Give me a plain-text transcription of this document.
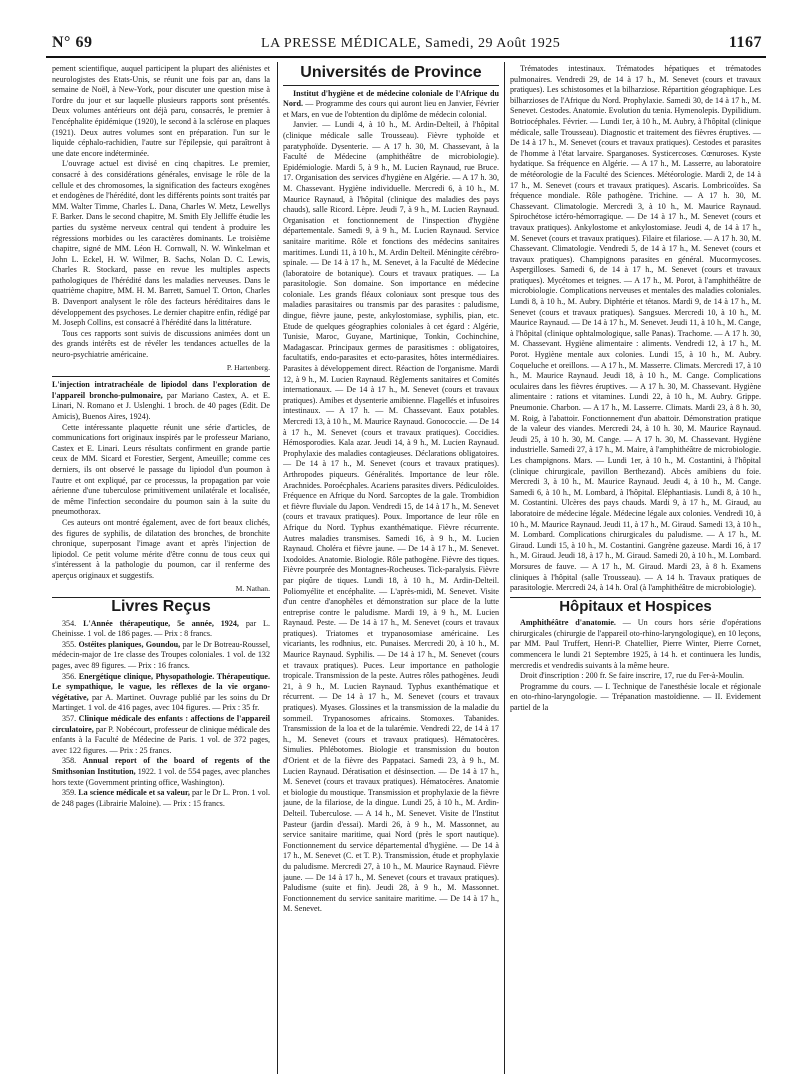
N° 69	LA PRESSE MÉDICALE, Samedi, 29 Août 1925	1167

pement scientifique, auquel participent la plupart des aliénistes et neurologistes des Etats-Unis, se réunit une fois par an, dans la semaine de Noël, à New-York, pour discuter une question mise à l'ordre du jour et sur laquelle plusieurs rapports sont présentés. Deux volumes antérieurs ont déjà paru, consacrés, le premier à l'encéphalite épidémique (1920), le second à la sclérose en plaques (1921). Deux autres volumes sont en préparation. l'un sur le liquide céphalo-rachidien, l'autre sur l'épilepsie, qui paraîtront à une date encore indéterminée.

L'ouvrage actuel est divisé en cinq chapitres. Le premier, consacré à des considérations générales, envisage le rôle de la cellule et des chromosomes, la signification des facteurs exogènes et endogènes de l'hérédité, dont les différents points sont traités par MM. Walter Timme, Charles L. Dana, Charles W. Metz, Lewellys F. Barker. Dans le second chapitre, M. Smith Ely Jelliffe étudie les parties du système nerveux central qui tendent à produire les régressions morbides ou les caractères dominants. Le troisième chapitre, signé de MM. Léon H. Cornwall, N. W. Winkelman et John L. Eckel, H. W. Wilmer, B. Sachs, Nolan D. C. Lewis, Charles R. Stockard, passe en revue les multiples aspects pathologiques de l'hérédité dans les maladies nerveuses. Dans le quatrième chapitre, MM. H. M. Barrett, Samuel T. Orton, Charles B. Davenport analysent le rôle des facteurs héréditaires dans le développement des psychoses. Le dernier chapitre enfin, rédigé par M. Joseph Collins, est consacré à l'hérédité dans la littérature.

Tous ces rapports sont suivis de discussions animées dont un des grands intérêts est de révéler les tendances actuelles de la neuro-psychiatrie américaine.

P. Hartenberg.

L'injection intratrachéale de lipiodol dans l'exploration de l'appareil broncho-pulmonaire, par Mariano Castex, A. et E. Linari, N. Romano et J. Uslenghi. 1 broch. de 40 pages (Edit. De Amicis), Buenos Aires, 1924).

Cette intéressante plaquette réunit une série d'articles, de communications fort originaux inspirés par le professeur Mariano, Castex et E. Linari. Leurs résultats confirment en grande partie ceux de MM. Sicard et Forestier, Sergent, Ameuille; comme ces derniers, ils ont observé le passage du lipiodol d'un poumon à l'autre et ont expliqué, par ce processus, la propagation par voie aérienne d'une tuberculose primitivement unilatérale et localisée, de même l'infection secondaire du poumon sain à la suite du pneumothorax.

Ces auteurs ont montré également, avec de fort beaux clichés, des figures de syphilis, de dilatation des bronches, de bronchite chronique, superposant l'image avant et après l'injection de lipiodol. Ce petit volume mérite d'être connu de tous ceux qui s'intéressent à la pathologie du poumon, car il renferme des aperçus originaux et suggestifs.

M. Nathan.

Livres Reçus

354. L'Année thérapeutique, 5e année, 1924, par L. Cheinisse. 1 vol. de 186 pages. — Prix : 8 francs.

355. Ostéites planiques, Goundou, par le Dr Botreau-Roussel, médecin-major de 1re classe des Troupes coloniales. 1 vol. de 132 pages, avec 89 figures. — Prix : 16 francs.

356. Energétique clinique, Physopathologie. Thérapeutique. Le sympathique, le vague, les réflexes de la vie organo-végétative, par A. Martinet. Ouvrage publié par les soins du Dr Martinget. 1 vol. de 416 pages, avec 104 figures. — Prix : 35 fr.

357. Clinique médicale des enfants : affections de l'appareil circulatoire, par P. Nobécourt, professeur de clinique médicale des enfants à la Faculté de Médecine de Paris. 1 vol. de 372 pages, avec 122 figures. — Prix : 25 francs.

358. Annual report of the board of regents of the Smithsonian Institution, 1922. 1 vol. de 554 pages, avec planches hors texte (Government printing office, Washington).

359. La science médicale et sa valeur, par le Dr L. Pron. 1 vol. de 248 pages (Librairie Maloine). — Prix : 15 francs.

Universités de Province

Institut d'hygiène et de médecine coloniale de l'Afrique du Nord. — Programme des cours qui auront lieu en Janvier, Février et Mars, en vue de l'obtention du diplôme de médecin colonial.

Janvier. — Lundi 4, à 10 h., M. Ardin-Delteil, à l'hôpital (clinique médicale salle Trousseau). Fièvre typhoïde et paratyphoïde. Dysenterie. — A 17 h. 30, M. Chassevant, à la Faculté de Médecine (amphithéâtre de microbiologie). Epidémiologie. Mardi 5, à 9 h., M. Lucien Raynaud, rue Bruce. 17. Organisation des services d'hygiène en Algérie. — A 17 h. 30, M. Chassevant. Hygiène individuelle. Mercredi 6, à 10 h., M. Maurice Raynaud, à l'hôpital (clinique des maladies des pays chauds), salle Ricord. Lèpre. Jeudi 7, à 9 h., M. Lucien Raynaud. Organisation et fonctionnement de l'inspection d'hygiène départementale. Samedi 9, à 9 h., M. Lucien Raynaud. Service sanitaire maritime. Rôle et fonctions des médecins sanitaires maritimes. Lundi 11, à 10 h., M. Ardin Delteil. Méningite cérébro-spinale. — De 14 à 17 h., M. Senevet, à la Faculté de Médecine (laboratoire de botanique). Cours et travaux pratiques. — La parasitologie. Son domaine. Son importance en médecine coloniale. Les grands fléaux coloniaux sont presque tous des maladies parasitaires ou transmis par des parasites : paludisme, dingue, fièvre jaune, peste, ankylostomiase, syphilis, pian, etc. Etude de quelques géographies coloniales à cet égard : Algérie, Tunisie, Maroc, Guyane, Martinique, Tonkin, Cochinchine, Madagascar. Principaux germes de parasitismes : obligatoires, facultatifs, endo-parasites et ecto-parasites, hôtes intermédiaires. Parasites à développement direct. Réaction de l'organisme. Mardi 12, à 9 h., M. Lucien Raynaud. Règlements sanitaires et Comités internationaux. — De 14 à 17 h., M. Senevet (cours et travaux pratiques). Amibes et dysenterie amibienne. Flagellés et infusoires intestinaux. — A 17 h. — M. Chassevant. Eaux potables. Mercredi 13, à 10 h., M. Maurice Raynaud. Gonococcie. — De 14 à 17 h., M. Senevet (cours et travaux pratiques). Coccidies. Hémosporodies. Kala azar. Jeudi 14, à 9 h., M. Lucien Raynaud. Prophylaxie des maladies contagieuses. Déclarations obligatoires. — De 14 à 17 h., M. Senevet (cours et travaux pratiques). Arthropodes piqueurs. Généralités. Importance de leur rôle. Arachnides. Poroécphales. Acariens parasites divers. Pédiculoïdes. Fréquence en Afrique du Nord. Sarcoptes de la gale. Trombidion et fièvre fluviale du Japon. Vendredi 15, de 14 à 17 h., M. Senevet (cours et travaux pratiques). Poux. Importance de leur rôle en Afrique du Nord. Typhus exanthématique. Fièvre récurrente. Autres maladies transmises. Samedi 16, à 9 h., M. Lucien Raynaud. Choléra et fièvre jaune. — De 14 à 17 h., M. Senevet. Ixodoïdes. Anatomie. Biologie. Rôle pathogène. Fièvre des tiques. Fièvre pourprée des Montagnes-Rocheuses. Tick-paralysis. Fièvre par piqûre de tiques. Lundi 18, à 10 h., M. Ardin-Delteil. Poliomyélite et encéphalite. — L'après-midi, M. Senevet. Visite d'un centre d'anophèles et démonstration sur place de la lutte entreprise contre le paludisme. Mardi 19, à 9 h., M. Lucien Raynaud. Peste. — De 14 à 17 h., M. Senevet (cours et travaux pratiques). Triatomes et trypanosomiase américaine. Les vicariants, les rodhnius, etc. Punaises. Mercredi 20, à 10 h., M. Maurice Raynaud. Syphilis. — De 14 à 17 h., M. Senevet (cours et travaux pratiques). Puces. Leur importance en pathologie tropicale. Transmission de la peste. Autres rôles pathogènes. Jeudi 21, à 9 h., M. Lucien Raynaud. Typhus exanthématique et récurrent. — De 14 à 17 h., M. Senevet (cours et travaux pratiques). Myases. Glossines et la transmission de la maladie du sommeil. Trypanosomes africains. Stomoxes. Tabanides. Transmission de la loa et de la tularémie. Vendredi 22, de 14 à 17 h., M. Senevet (cours et travaux pratiques). Hématocères. Simulies. Phlébotomes. Biologie et transmission du bouton d'Orient et de la fièvre des Pappataci. Samedi 23, à 9 h., M. Lucien Raynaud. Dératisation et désinsection. — De 14 à 17 h., M. Senevet (cours et travaux pratiques). Hématocères. Anatomie et biologie du moustique. Transmission et prophylaxie de la fièvre jaune, de la filariose, de la dingue. Lundi 25, à 10 h., M. Ardin-Delteil. Tuberculose. — A 14 h., M. Senevet. Visite de l'Institut Pasteur (jardin d'essai). Mardi 26, à 9 h., M. Massonnet, au service sanitaire maritime, quai Nord (près le sport nautique). Fonctionnement du service départemental d'hygiène. — De 14 à 17 h., M. Senevet (C. et T. P.). Transmission, étude et prophylaxie du paludisme. Mercredi 27, à 10 h., M. Maurice Raynaud. Fièvre jaune. — De 14 à 17 h., M. Senevet (cours et travaux pratiques). Paludisme (suite et fin). Jeudi 28, à 9 h., M. Massonnet. Fonctionnement du service sanitaire maritime. — De 14 à 17 h., M. Senevet.

Trématodes intestinaux. Trématodes hépatiques et trématodes pulmonaires. Vendredi 29, de 14 à 17 h., M. Senevet (cours et travaux pratiques). Les schistosomes et la bilharziose. Répartition géographique. Les bilharzioses de l'Afrique du Nord. Prophylaxie. Samedi 30, de 14 à 17 h., M. Senevet. Cestodes. Anatomie. Evolution du tænia. Hymenolepis. Dypilidium. Botriocéphales. Février. — Lundi 1er, à 10 h., M. Aubry, à l'hôpital (clinique médicale, salle Trousseau). Diagnostic et traitement des fièvres éruptives. — De 14 à 17 h., M. Senevet (cours et travaux pratiques). Cestodes et parasites de l'homme à l'état larvaire. Sparganoses. Systicercoses. Cœnuroses. Kyste hydatique. Sa fréquence en Algérie. — A 17 h., M. Lasserre, au laboratoire de météorologie de la Faculté des Sciences. Météorologie. Mardi 2, de 14 à 17 h., M. Senevet (cours et travaux pratiques). Ascaris. Lombricoïdes. Sa fréquence mondiale. Rôle pathogène. Trichine. — A 17 h. 30, M. Chassevant. Climatologie. Mercredi 3, à 10 h., M. Maurice Raynaud. Spirochétose ictéro-hémorragique. — De 14 à 17 h., M. Senevet (cours et travaux pratiques). Ankylostome et ankylostomiase. Jeudi 4, de 14 à 17 h., M. Senevet (cours et travaux pratiques). Filaire et filariose. — A 17 h. 30, M. Chassevant. Climatologie. Vendredi 5, de 14 à 17 h., M. Senevet (cours et travaux pratiques). Champignons parasites en général. Mucormycoses. Aspergilloses. Samedi 6, de 14 à 17 h., M. Senevet (cours et travaux pratiques). Mycétomes et teignes. — A 17 h., M. Porot, à l'amphithéâtre de microbiologie. Complications nerveuses et mentales des maladies coloniales. Lundi 8, à 10 h., M. Aubry. Diphtérie et tétanos. Mardi 9, de 14 à 17 h., M. Senevet (cours et travaux pratiques). Sangsues. Mercredi 10, à 10 h., M. Maurice Raynaud. — De 14 à 17 h., M. Senevet. Jeudi 11, à 10 h., M. Cange, à l'hôpital (clinique ophtalmologique, salle Panas). Trachome. — A 17 h. 30, M. Chassevant. Hygiène alimentaire : aliments. Vendredi 12, à 17 h., M. Porot. Hygiène mentale aux colonies. Lundi 15, à 10 h., M. Aubry. Coqueluche et oreillons. — A 17 h., M. Masserre. Climats. Mercredi 17, à 10 h., M. Maurice Raynaud. Jeudi 18, à 10 h., M. Cange. Complications oculaires dans les fièvres éruptives. — A 17 h. 30, M. Chassevant. Hygiène alimentaire : rations et vitamines. Lundi 22, à 10 h., M. Aubry. Grippe. Pneumonie. Charbon. — A 17 h., M. Lasserre. Climats. Mardi 23, à 8 h. 30, M. Roig, à l'abattoir. Fonctionnement d'un abattoir. Démonstration pratique de la valeur des viandes. Mercredi 24, à 10 h. 30, M. Maurice Raynaud. Jeudi 25, à 10 h. 30, M. Cange. — A 17 h. 30, M. Chassevant. Hygiène industrielle. Samedi 27, à 17 h., M. Maire, à l'amphithéâtre de microbiologie. Les champignons. Mars. — Lundi 1er, à 10 h., M. Costantini, à l'hôpital (clinique chirurgicale, pavillon Berthezand). Abcès amibiens du foie. Mercredi 3, à 10 h., M. Maurice Raynaud. Jeudi 4, à 10 h., M. Cange. Samedi 6, à 10 h., M. Lombard, à l'hôpital. Eléphantiasis. Lundi 8, à 10 h., M. Costantini. Ulcères des pays chauds. Mardi 9, à 17 h., M. Giraud, au laboratoire de médecine légale. Médecine légale aux colonies. Vendredi 10, à 10 h., M. Maurice Raynaud. Jeudi 11, à 17 h., M. Giraud. Samedi 13, à 10 h., M. Lombard. Complications chirurgicales du paludisme. — A 17 h., M. Giraud. Lundi 15, à 10 h., M. Costantini. Gangrène gazeuse. Mardi 16, à 17 h., M. Giraud. Jeudi 18, à 17 h., M. Giraud. Samedi 20, à 10 h., M. Lombard. Morsures de fauve. — A 17 h., M. Giraud. Mardi 23, à 8 h. Examens cliniques à l'hôpital (salle Trousseau). — A 14 h. Travaux pratiques de parasitologie. Mercredi 24, à 14 h. Oral (à l'amphithéâtre de microbiologie).

Hôpitaux et Hospices

Amphithéâtre d'anatomie. — Un cours hors série d'opérations chirurgicales (chirurgie de l'appareil oto-rhino-laryngologique), en 10 leçons, par MM. Paul Truffert, Henri-P. Chatellier, Pierre Winter, Pierre Cornet, commencera le lundi 21 Septembre 1925, à 14 h. et continuera les lundis, mercredis et vendredis suivants à la même heure.

Droit d'inscription : 200 fr. Se faire inscrire, 17, rue du Fer-à-Moulin.

Programme du cours. — I. Technique de l'anesthésie locale et régionale en oto-rhino-laryngologie. — Trépanation mastoïdienne. — II. Evidement partiel de la
